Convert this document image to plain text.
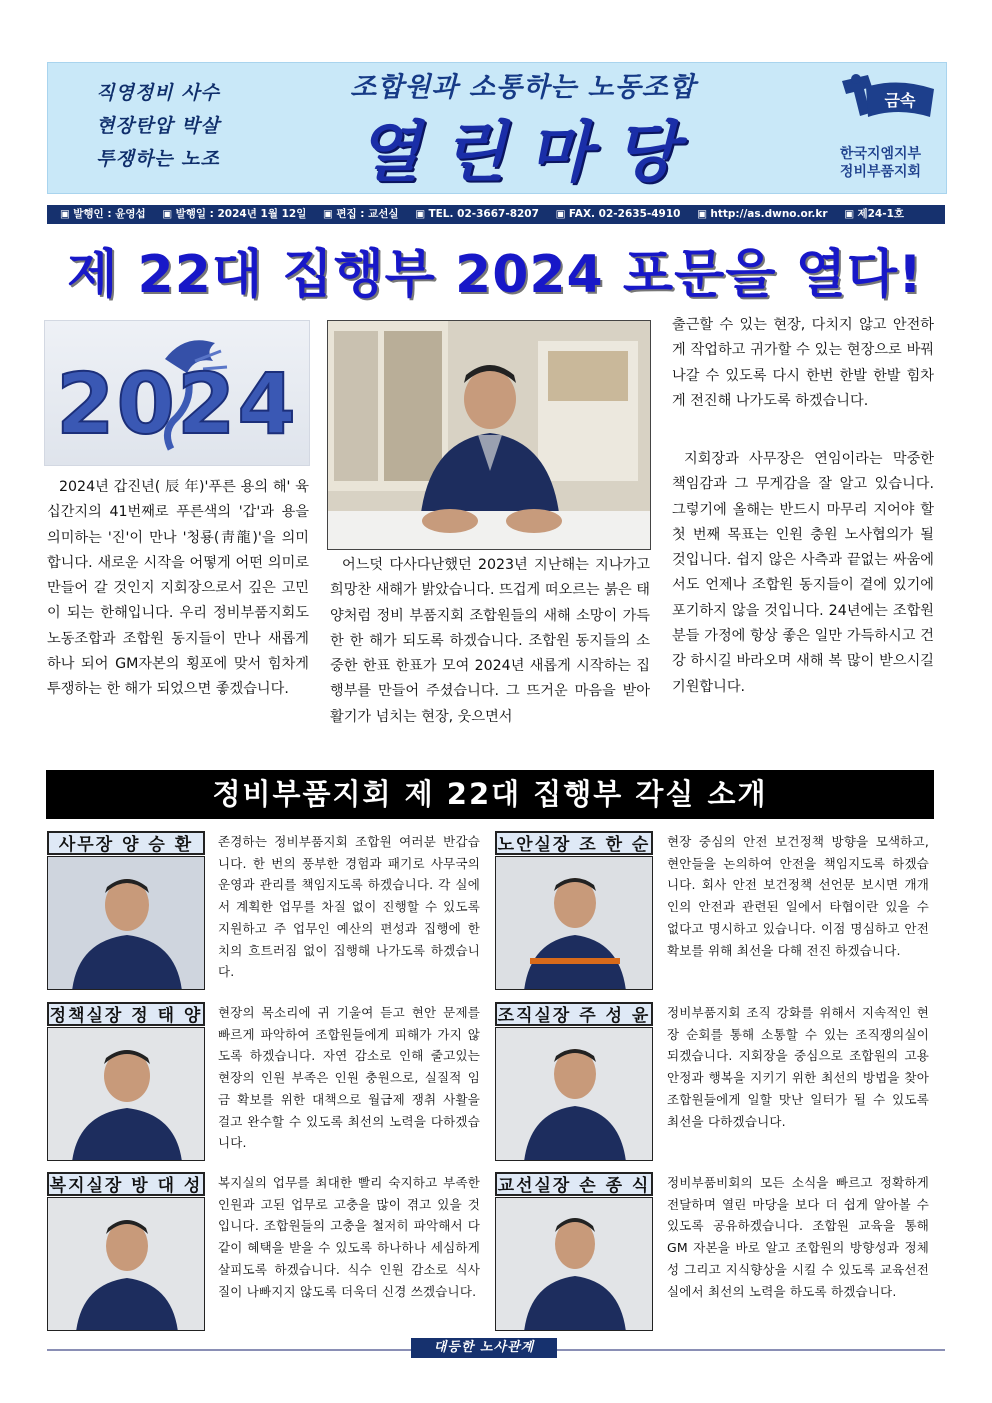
직영정비 사수
현장탄압 박살
투쟁하는 노조
조합원과 소통하는 노동조합
열린마당
금속
한국지엠지부
정비부품지회
▣ 발행인 : 윤영섭	▣ 발행일 : 2024년 1월 12일	▣ 편집 : 교선실	▣ TEL. 02-3667-8207	▣ FAX. 02-2635-4910	▣ http://as.dwno.or.kr	▣ 제24-1호
제 22대 집행부 2024 포문을 열다!
2024

2024년 갑진년( 辰 年)'푸른 용의 해' 육십간지의 41번째로 푸른색의 '갑'과 용을 의미하는 '진'이 만나 '청룡(靑龍)'을 의미합니다. 새로운 시작을 어떻게 어떤 의미로 만들어 갈 것인지 지회장으로서 깊은 고민이 되는 한해입니다. 우리 정비부품지회도 노동조합과 조합원 동지들이 만나 새롭게 하나 되어 GM자본의 횡포에 맞서 힘차게 투쟁하는 한 해가 되었으면 좋겠습니다.

어느덧 다사다난했던 2023년 지난해는 지나가고 희망찬 새해가 밝았습니다. 뜨겁게 떠오르는 붉은 태양처럼 정비 부품지회 조합원들의 새해 소망이 가득한 한 해가 되도록 하겠습니다. 조합원 동지들의 소중한 한표 한표가 모여 2024년 새롭게 시작하는 집행부를 만들어 주셨습니다. 그 뜨거운 마음을 받아 활기가 넘치는 현장, 웃으면서

출근할 수 있는 현장, 다치지 않고 안전하게 작업하고 귀가할 수 있는 현장으로 바꿔 나갈 수 있도록 다시 한번 한발 한발 힘차게 전진해 나가도록 하겠습니다.

지회장과 사무장은 연임이라는 막중한 책임감과 그 무게감을 잘 알고 있습니다. 그렇기에 올해는 반드시 마무리 지어야 할 첫 번째 목표는 인원 충원 노사협의가 될 것입니다. 쉽지 않은 사측과 끝없는 싸움에서도 언제나 조합원 동지들이 곁에 있기에 포기하지 않을 것입니다. 24년에는 조합원분들 가정에 항상 좋은 일만 가득하시고 건강 하시길 바라오며 새해 복 많이 받으시길 기원합니다.

정비부품지회 제 22대 집행부 각실 소개
사무장 양 승 환	존경하는 정비부품지회 조합원 여러분 반갑습니다. 한 번의 풍부한 경험과 패기로 사무국의 운영과 관리를 책임지도록 하겠습니다. 각 실에서 계획한 업무를 차질 없이 진행할 수 있도록 지원하고 주 업무인 예산의 편성과 집행에 한 치의 흐트러짐 없이 집행해 나가도록 하겠습니다.

노안실장 조 한 순 현장 중심의 안전 보건정책 방향을 모색하고, 현안들을 논의하여 안전을 책임지도록 하겠습니다. 회사 안전 보건정책 선언문 보시면 개개인의 안전과 관련된 일에서 타협이란 있을 수 없다고 명시하고 있습니다. 이점 명심하고 안전 확보를 위해 최선을 다해 전진 하겠습니다.

정책실장 정 태 양 현장의 목소리에 귀 기울여 듣고 현안 문제를 빠르게 파악하여 조합원들에게 피해가 가지 않도록 하겠습니다. 자연 감소로 인해 줄고있는 현장의 인원 부족은 인원 충원으로, 실질적 임금 확보를 위한 대책으로 월급제 쟁취 사활을 걸고 완수할 수 있도록 최선의 노력을 다하겠습니다.

조직실장 주 성 윤 정비부품지회 조직 강화를 위해서 지속적인 현장 순회를 통해 소통할 수 있는 조직쟁의실이 되겠습니다. 지회장을 중심으로 조합원의 고용안정과 행복을 지키기 위한 최선의 방법을 찾아 조합원들에게 일할 맛난 일터가 될 수 있도록 최선을 다하겠습니다.

복지실장 방 대 성 복지실의 업무를 최대한 빨리 숙지하고 부족한 인원과 고된 업무로 고충을 많이 겪고 있을 것입니다. 조합원들의 고충을 철저히 파악해서 다 같이 혜택을 받을 수 있도록 하나하나 세심하게 살피도록 하겠습니다. 식수 인원 감소로 식사 질이 나빠지지 않도록 더욱더 신경 쓰겠습니다.

교선실장 손 종 식 정비부품비회의 모든 소식을 빠르고 정확하게 전달하며 열린 마당을 보다 더 쉽게 알아볼 수 있도록 공유하겠습니다. 조합원 교육을 통해 GM 자본을 바로 알고 조합원의 방향성과 정체성 그리고 지식향상을 시킬 수 있도록 교육선전실에서 최선의 노력을 하도록 하겠습니다.

대등한 노사관계
